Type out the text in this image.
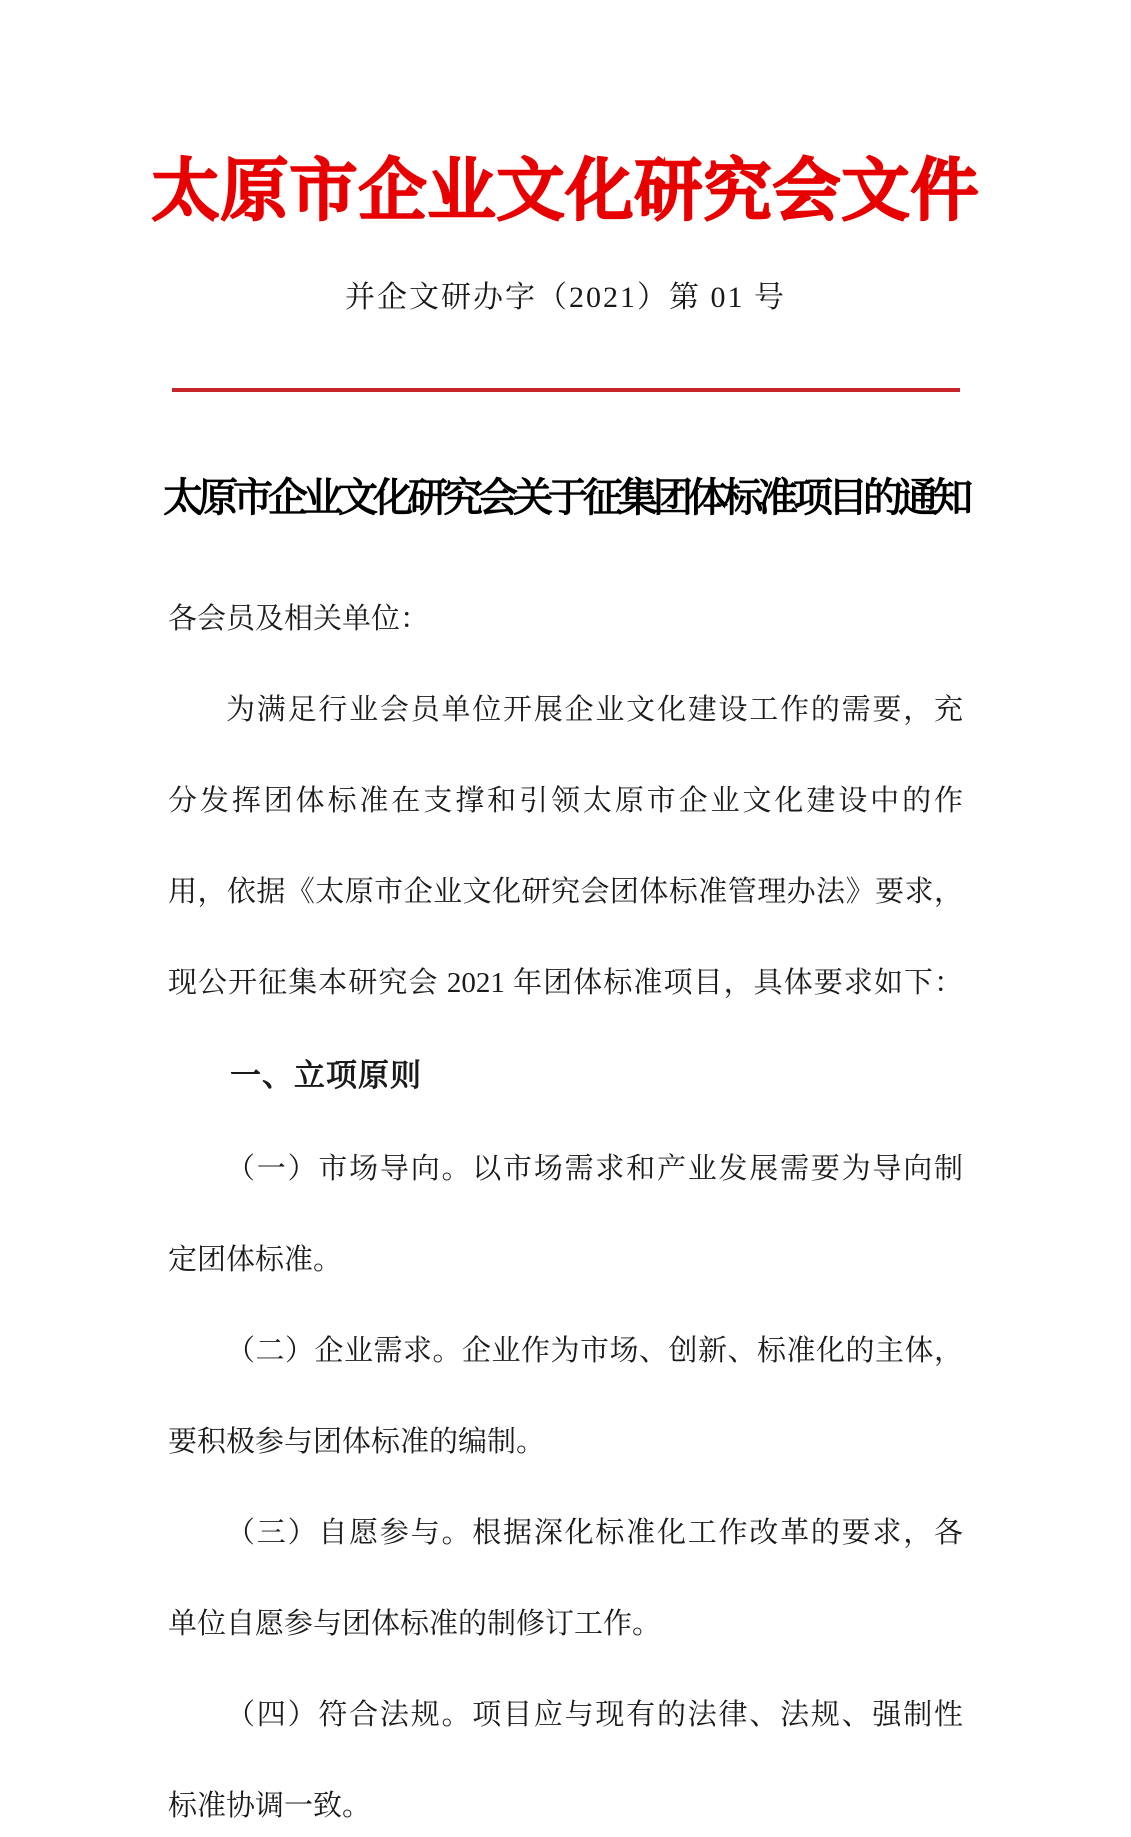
太原市企业文化研究会文件
并企文研办字（2021）第 01 号
太原市企业文化研究会关于征集团体标准项目的通知

各会员及相关单位：

为满足行业会员单位开展企业文化建设工作的需要，充

分发挥团体标准在支撑和引领太原市企业文化建设中的作

用，依据《太原市企业文化研究会团体标准管理办法》要求，

现公开征集本研究会 2021 年团体标准项目，具体要求如下：

一、立项原则

（一）市场导向。以市场需求和产业发展需要为导向制

定团体标准。

（二）企业需求。企业作为市场、创新、标准化的主体，

要积极参与团体标准的编制。

（三）自愿参与。根据深化标准化工作改革的要求，各

单位自愿参与团体标准的制修订工作。

（四）符合法规。项目应与现有的法律、法规、强制性

标准协调一致。
